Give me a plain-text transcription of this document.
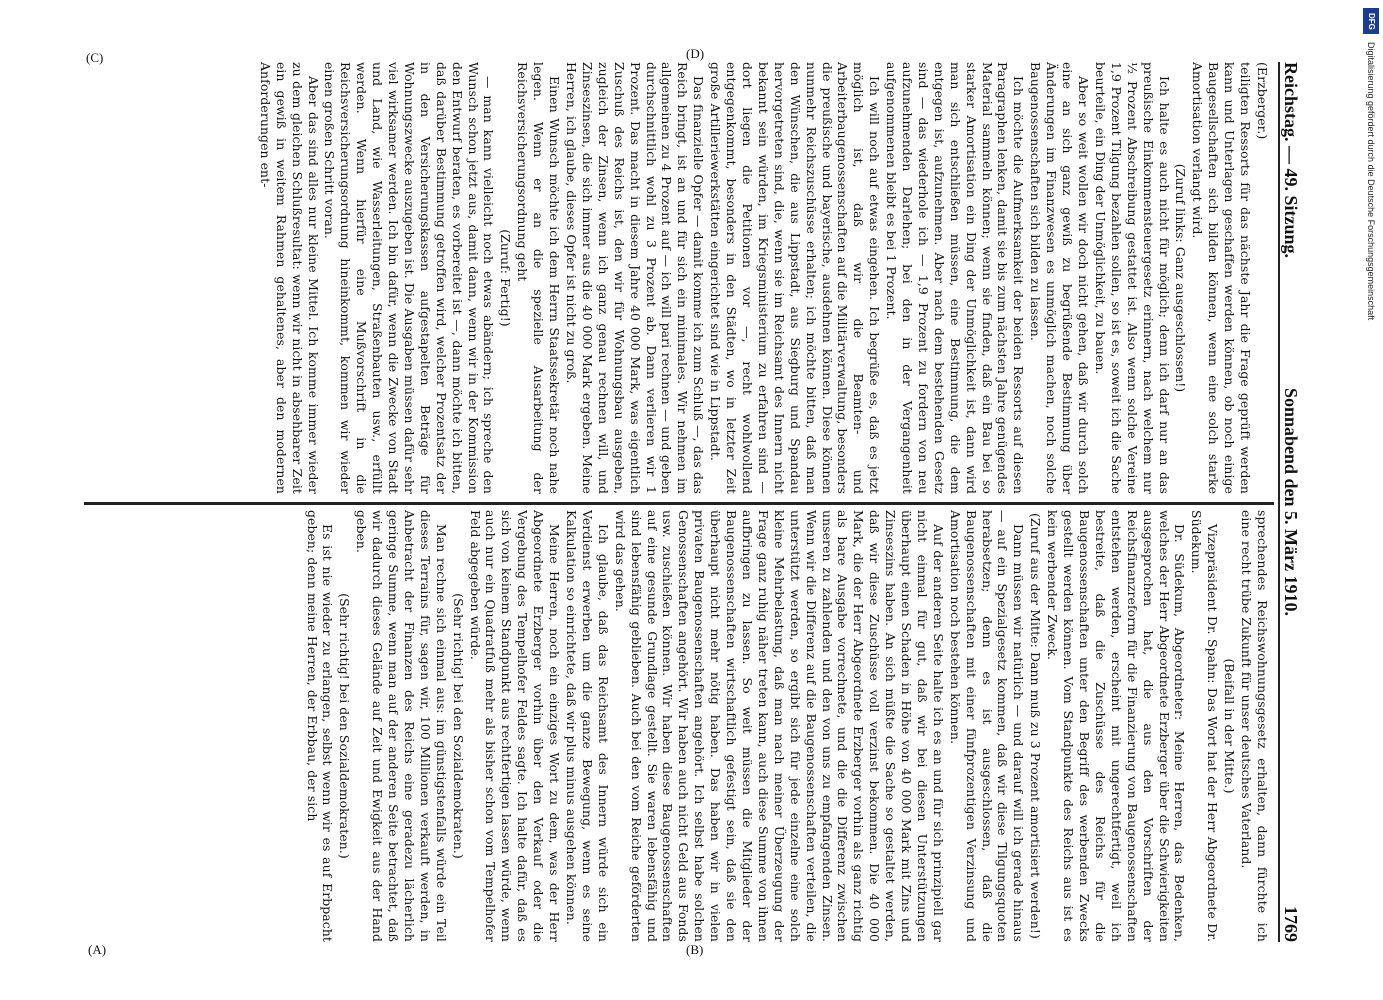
Reichstag. — 49. Sitzung.
Sonnabend den 5. März 1910.
1769

(Erzberger.)

teiligten Ressorts für das nächste Jahr die Frage geprüft werden kann und Unterlagen geschaffen werden können, ob noch einige Baugesellschaften sich bilden können, wenn eine solch starke Amortisation verlangt wird.

(Zuruf links: Ganz ausgeschlossen!)

Ich halte es auch nicht für möglich; denn ich darf nur an das preußische Einkommensteuergesetz erinnern, nach welchem nur ½ Prozent Abschreibung gestattet ist. Also wenn solche Vereine 1,9 Prozent Tilgung bezahlen sollen, so ist es, soweit ich die Sache beurteile, ein Ding der Unmöglichkeit, zu bauen.

Aber so weit wollen wir doch nicht gehen, daß wir durch solch eine an sich ganz gewiß zu begrüßende Bestimmung über Änderungen im Finanzwesen es unmöglich machen, noch solche Baugenossenschaften sich bilden zu lassen.

Ich möchte die Aufmerksamkeit der beiden Ressorts auf diesen Paragraphen lenken, damit sie bis zum nächsten Jahre genügendes Material sammeln können; wenn sie finden, daß ein Bau bei so starker Amortisation ein Ding der Unmöglichkeit ist, dann wird man sich entschließen müssen, eine Bestimmung, die dem entgegen ist, aufzunehmen. Aber nach dem bestehenden Gesetz sind — das wiederhole ich — 1,9 Prozent zu fordern von neu aufzunehmenden Darlehen; bei den in der Vergangenheit aufgenommenen bleibt es bei 1 Prozent.

Ich will noch auf etwas eingehen. Ich begrüße es, daß es jetzt möglich ist, daß wir die Beamten- und Arbeiterbaugenossenschaften auf die Militärverwaltung, besonders die preußische und bayerische, ausdehnen können. Diese können nunmehr Reichszuschüsse erhalten; ich möchte bitten, daß man den Wünschen, die aus Lippstadt, aus Siegburg und Spandau hervorgetreten sind, die, wenn sie im Reichsamt des Innern nicht bekannt sein würden, im Kriegsministerium zu erfahren sind — dort liegen die Petitionen vor —, recht wohlwollend entgegenkommt, besonders in den Städten, wo in letzter Zeit große Artilleriewerkstätten eingerichtet sind wie in Lippstadt.

Das finanzielle Opfer — damit komme ich zum Schluß —, das das Reich bringt, ist an und für sich ein minimales. Wir nehmen im allgemeinen zu 4 Prozent auf — ich will pari rechnen — und geben durchschnittlich wohl zu 3 Prozent ab. Dann verlieren wir 1 Prozent. Das macht in diesem Jahre 40 000 Mark, was eigentlich Zuschuß des Reichs ist, den wir für Wohnungsbau ausgeben, zugleich der Zinsen, wenn ich ganz genau rechnen will, und Zinseszinsen, die sich immer aus die 40 000 Mark ergeben. Meine Herren, ich glaube, dieses Opfer ist nicht zu groß.

Einen Wunsch möchte ich dem Herrn Staatssekretär noch nahe legen. Wenn er an die spezielle Ausarbeitung der Reichsversicherungsordnung geht

(Zuruf: Fertig!)

— man kann vielleicht noch etwas abändern; ich spreche den Wunsch schon jetzt aus, damit dann, wenn wir in der Kommission den Entwurf beraten, es vorbereitet ist —, dann möchte ich bitten, daß darüber Bestimmung getroffen wird, welcher Prozentsatz der in den Versicherungskassen aufgestapelten Beträge für Wohnungszwecke auszugeben ist. Die Ausgaben müssen dafür sehr viel wirksamer werden. Ich bin dafür, wenn die Zwecke von Stadt und Land, wie Wasserleitungen, Straßenbauten usw., erfüllt werden. Wenn hierfür eine Mußvorschrift in die Reichsversicherungsordnung hineinkommt, kommen wir wieder einen großen Schritt voran.

Aber das sind alles nur kleine Mittel. Ich komme immer wieder zu dem gleichen Schlußresultat: wenn wir nicht in absehbarer Zeit ein gewiß in weitem Rahmen gehaltenes, aber den modernen Anforderungen ent-

sprechendes Reichswohnungsgesetz erhalten, dann fürchte ich eine recht trübe Zukunft für unser deutsches Vaterland.

(Beifall in der Mitte.)

Vizepräsident Dr. Spahn: Das Wort hat der Herr Abgeordnete Dr. Südekum.

Dr. Südekum, Abgeordneter: Meine Herren, das Bedenken, welches der Herr Abgeordnete Erzberger über die Schwierigkeiten ausgesprochen hat, die aus den Vorschriften der Reichsfinanzreform für die Finanzierung von Baugenossenschaften entstehen werden, erscheint mit ungerechtfertigt, weil ich bestreite, daß die Zuschüsse des Reichs für die Baugenossenschaften unter den Begriff des werbenden Zwecks gestellt werden können. Vom Standpunkte des Reichs aus ist es kein werbender Zweck.

(Zuruf aus der Mitte: Dann muß zu 3 Prozent amortisiert werden!)

Dann müssen wir natürlich — und darauf will ich gerade hinaus — auf ein Spezialgesetz kommen, daß wir diese Tilgungsquoten herabsetzen; denn es ist ausgeschlossen, daß die Baugenossenschaften mit einer fünfprozentigen Verzinsung und Amortisation noch bestehen können.

Auf der anderen Seite halte ich es an und für sich prinzipiell gar nicht einmal für gut, daß wir bei diesen Unterstützungen überhaupt einen Schaden in Höhe von 40 000 Mark mit Zins und Zinseszins haben. An sich müßte die Sache so gestaltet werden, daß wir diese Zuschüsse voll verzinst bekommen. Die 40 000 Mark, die der Herr Abgeordnete Erzberger vorhin als ganz richtig als bare Ausgabe vorrechnete, und die die Differenz zwischen unseren zu zahlenden und den von uns zu empfangenden Zinsen. Wenn wir die Differenz auf die Baugenossenschaften verteilen, die unterstützt werden, so ergibt sich für jede einzelne eine solch kleine Mehrbelastung, daß man nach meiner Überzeugung der Frage ganz ruhig näher treten kann, auch diese Summe von ihnen aufbringen zu lassen. So weit müssen die Mitglieder der Baugenossenschaften wirtschaftlich gefestigt sein, daß sie den überhaupt nicht mehr nötig haben. Das haben wir in vielen privaten Baugenossenschaften angehört. Ich selbst habe solchen Genossenschaften angehört. Wir haben auch nicht Geld aus Fonds usw. zuschießen können. Wir haben diese Baugenossenschaften auf eine gesunde Grundlage gestellt. Sie waren lebensfähig und sind lebensfähig geblieben. Auch bei den vom Reiche geförderten wird das gehen.

Ich glaube, daß das Reichsamt des Innern würde sich ein Verdienst erwerben um die ganze Bewegung, wenn es seine Kalkulation so einrichtete, daß wir plus minus ausgehen können.

Meine Herren, noch ein einziges Wort zu dem, was der Herr Abgeordnete Erzberger vorhin über den Verkauf oder die Vergebung des Tempelhofer Feldes sagte. Ich halte dafür, daß es sich von keinem Standpunkt aus rechtfertigen lassen würde, wenn auch nur ein Quadratfuß mehr als bisher schon vom Tempelhofer Feld abgegeben würde.

(Sehr richtig! bei den Sozialdemokraten.)

Man rechne sich einmal aus: im günstigstenfalls würde ein Teil dieses Terrains für, sagen wir, 100 Millionen verkauft werden, in Anbetracht der Finanzen des Reichs eine geradezu lächerlich geringe Summe, wenn man auf der anderen Seite betrachtet, daß wir dadurch dieses Gelände auf Zeit und Ewigkeit aus der Hand geben.

(Sehr richtig! bei den Sozialdemokraten.)

Es ist nie wieder zu erlangen, selbst wenn wir es auf Erbpacht geben; denn meine Herren, der Erbbau, der sich

(A)	(B)
(C)	(D)
DFG
Digitalisierung gefördert durch die Deutsche Forschungsgemeinschaft
